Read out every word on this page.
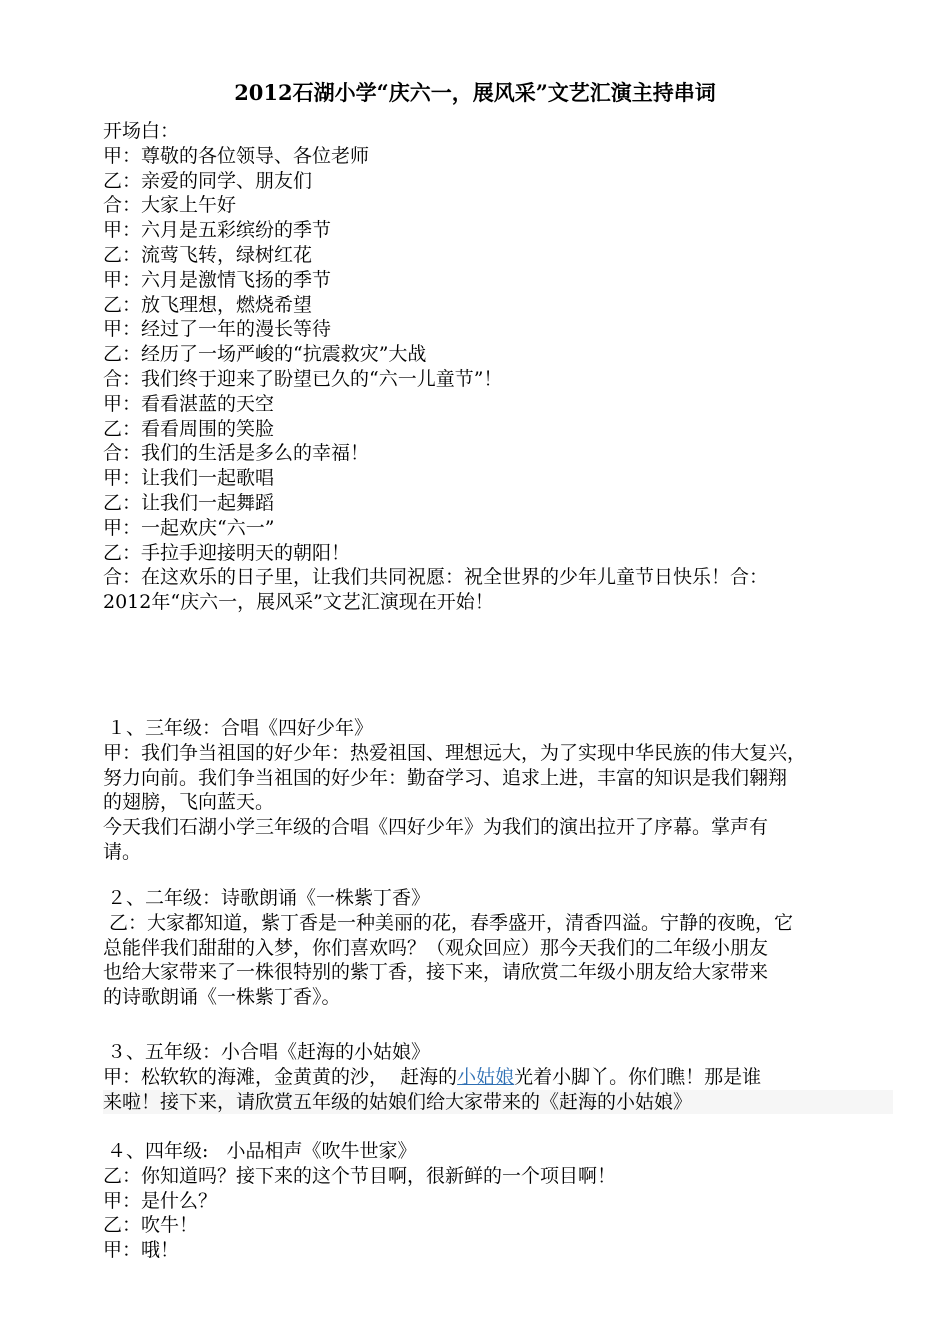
2012石湖小学“庆六一，展风采”文艺汇演主持串词
开场白：
甲：尊敬的各位领导、各位老师
乙：亲爱的同学、朋友们
合：大家上午好
甲：六月是五彩缤纷的季节
乙：流莺飞转，绿树红花
甲：六月是激情飞扬的季节
乙：放飞理想，燃烧希望
甲：经过了一年的漫长等待
乙：经历了一场严峻的“抗震救灾”大战
合：我们终于迎来了盼望已久的“六一儿童节”！
甲：看看湛蓝的天空
乙：看看周围的笑脸
合：我们的生活是多么的幸福！
甲：让我们一起歌唱
乙：让我们一起舞蹈
甲：一起欢庆“六一”
乙：手拉手迎接明天的朝阳！
合：在这欢乐的日子里，让我们共同祝愿：祝全世界的少年儿童节日快乐！合：
2012年“庆六一，展风采”文艺汇演现在开始！
１、三年级：合唱《四好少年》
甲：我们争当祖国的好少年：热爱祖国、理想远大，为了实现中华民族的伟大复兴，
努力向前。我们争当祖国的好少年：勤奋学习、追求上进，丰富的知识是我们翱翔
的翅膀，飞向蓝天。
今天我们石湖小学三年级的合唱《四好少年》为我们的演出拉开了序幕。掌声有
请。
２、二年级：诗歌朗诵《一株紫丁香》
乙：大家都知道，紫丁香是一种美丽的花，春季盛开，清香四溢。宁静的夜晚，它
总能伴我们甜甜的入梦，你们喜欢吗？（观众回应）那今天我们的二年级小朋友
也给大家带来了一株很特别的紫丁香，接下来，请欣赏二年级小朋友给大家带来
的诗歌朗诵《一株紫丁香》。
３、五年级：小合唱《赶海的小姑娘》
甲：松软软的海滩，金黄黄的沙，  赶海的小姑娘光着小脚丫。你们瞧！那是谁
来啦！接下来，请欣赏五年级的姑娘们给大家带来的《赶海的小姑娘》
４、四年级:   小品相声《吹牛世家》
乙：你知道吗？接下来的这个节目啊，很新鲜的一个项目啊！
甲：是什么？
乙：吹牛！
甲：哦！
